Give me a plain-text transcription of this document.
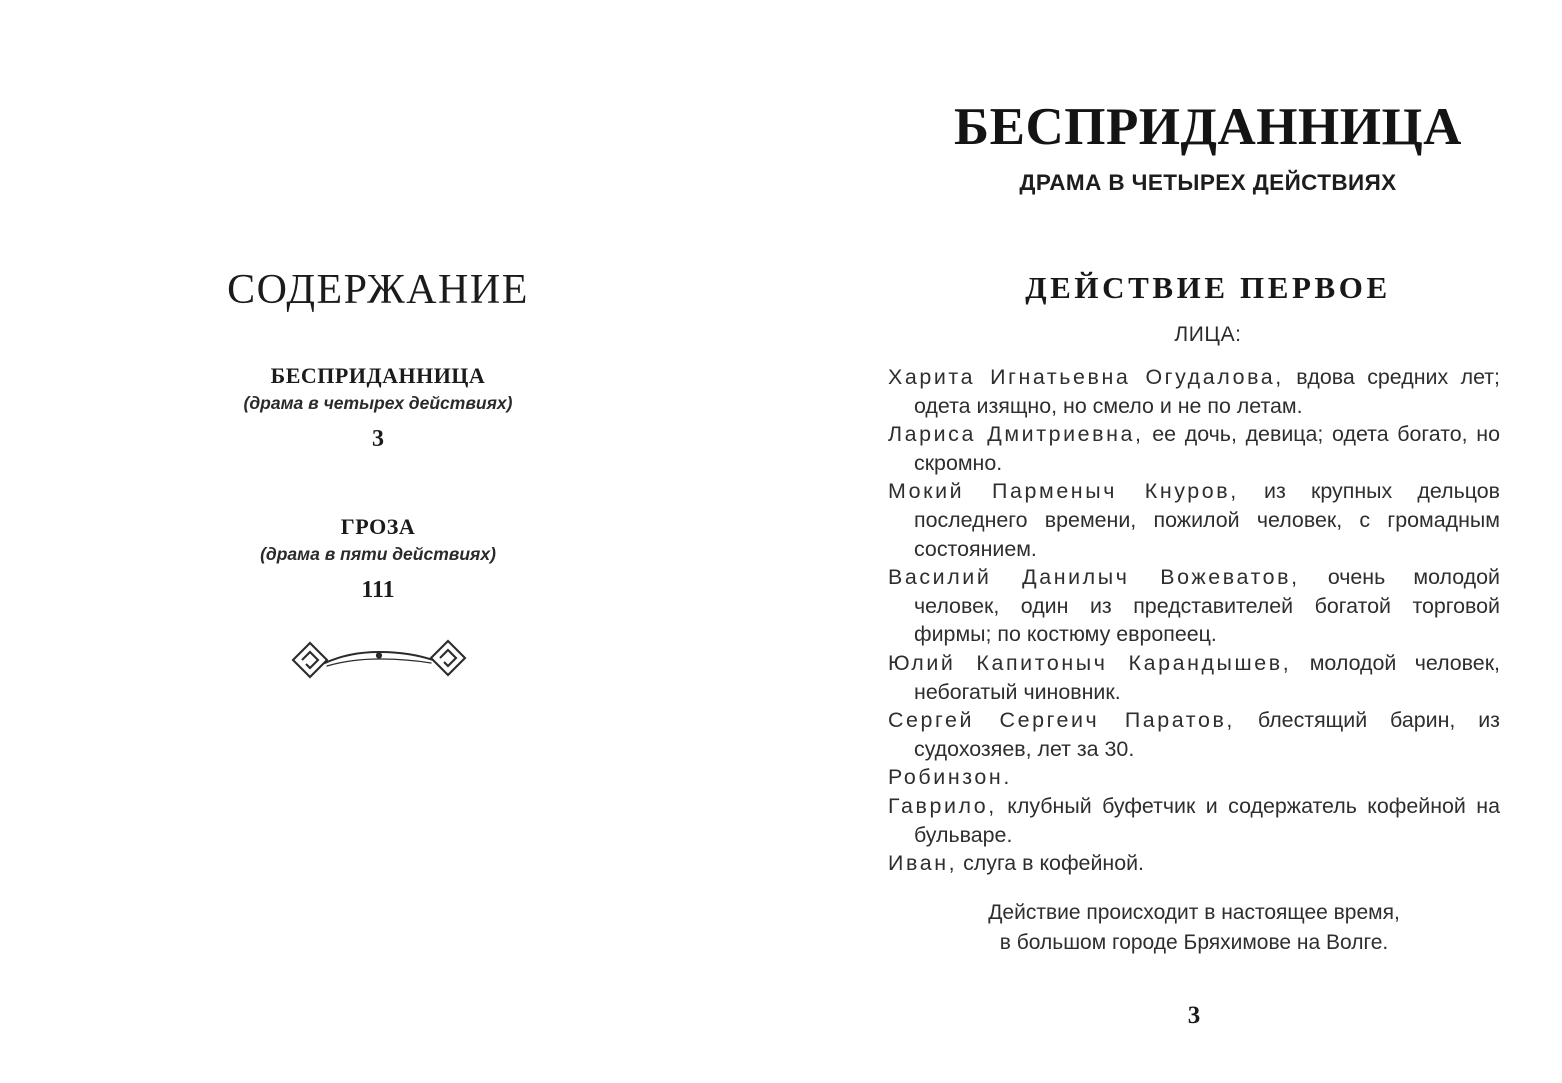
СОДЕРЖАНИЕ
бесприданница
(драма в четырех действиях)
3
гроза
(драма в пяти действиях)
111
БЕСПРИДАННИЦА
ДРАМА В ЧЕТЫРЕХ ДЕЙСТВИЯХ
ДЕЙСТВИЕ ПЕРВОЕ
ЛИЦА:
Харита Игнатьевна Огудалова, вдова средних лет; одета изящно, но смело и не по летам.
Лариса Дмитриевна, ее дочь, девица; одета богато, но скромно.
Мокий Парменыч Кнуров, из крупных дельцов последнего времени, пожилой человек, с громадным состоянием.
Василий Данилыч Вожеватов, очень молодой человек, один из представителей богатой торговой фирмы; по костюму европеец.
Юлий Капитоныч Карандышев, молодой человек, небогатый чиновник.
Сергей Сергеич Паратов, блестящий барин, из судохозяев, лет за 30.
Робинзон.
Гаврило, клубный буфетчик и содержатель кофейной на бульваре.
Иван, слуга в кофейной.
Действие происходит в настоящее время,
в большом городе Бряхимове на Волге.
3
